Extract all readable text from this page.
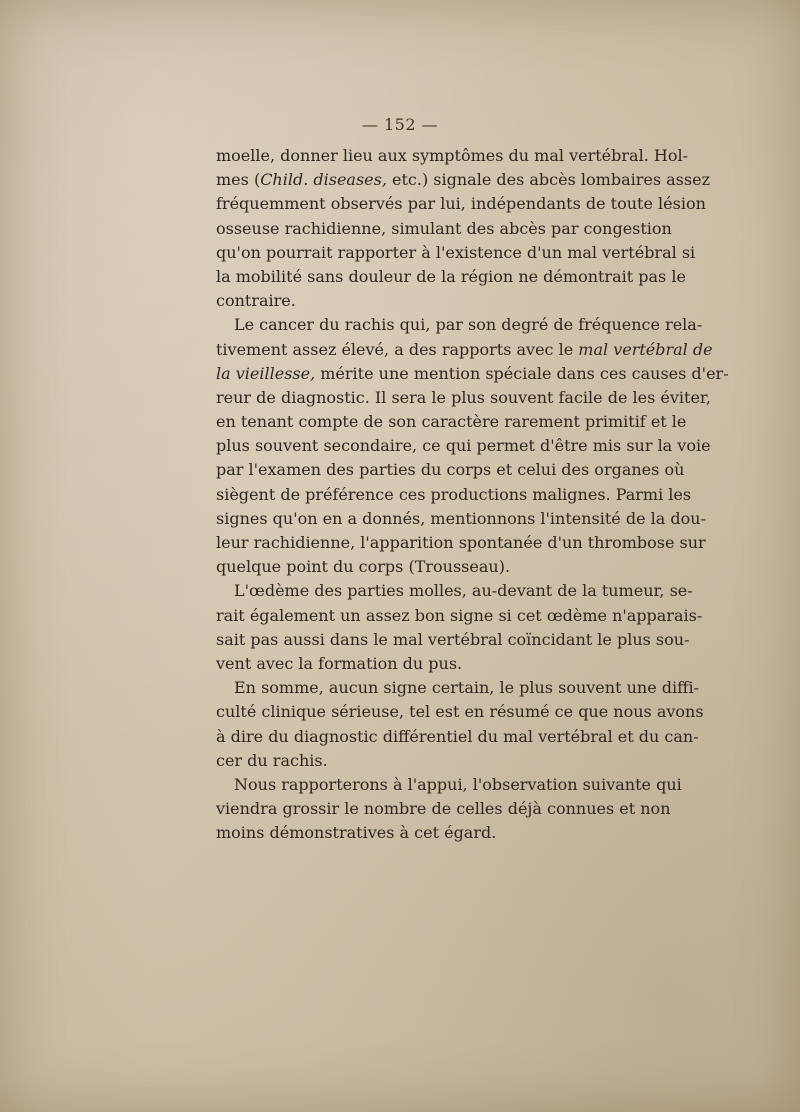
— 152 —
moelle, donner lieu aux symptômes du mal vertébral. Hol-
mes (Child. diseases, etc.) signale des abcès lombaires assez
fréquemment observés par lui, indépendants de toute lésion
osseuse rachidienne, simulant des abcès par congestion
qu'on pourrait rapporter à l'existence d'un mal vertébral si
la mobilité sans douleur de la région ne démontrait pas le
contraire.
Le cancer du rachis qui, par son degré de fréquence rela-
tivement assez élevé, a des rapports avec le mal vertébral de
la vieillesse, mérite une mention spéciale dans ces causes d'er-
reur de diagnostic. Il sera le plus souvent facile de les éviter,
en tenant compte de son caractère rarement primitif et le
plus souvent secondaire, ce qui permet d'être mis sur la voie
par l'examen des parties du corps et celui des organes où
siègent de préférence ces productions malignes. Parmi les
signes qu'on en a donnés, mentionnons l'intensité de la dou-
leur rachidienne, l'apparition spontanée d'un thrombose sur
quelque point du corps (Trousseau).
L'œdème des parties molles, au-devant de la tumeur, se-
rait également un assez bon signe si cet œdème n'apparais-
sait pas aussi dans le mal vertébral coïncidant le plus sou-
vent avec la formation du pus.
En somme, aucun signe certain, le plus souvent une diffi-
culté clinique sérieuse, tel est en résumé ce que nous avons
à dire du diagnostic différentiel du mal vertébral et du can-
cer du rachis.
Nous rapporterons à l'appui, l'observation suivante qui
viendra grossir le nombre de celles déjà connues et non
moins démonstratives à cet égard.
